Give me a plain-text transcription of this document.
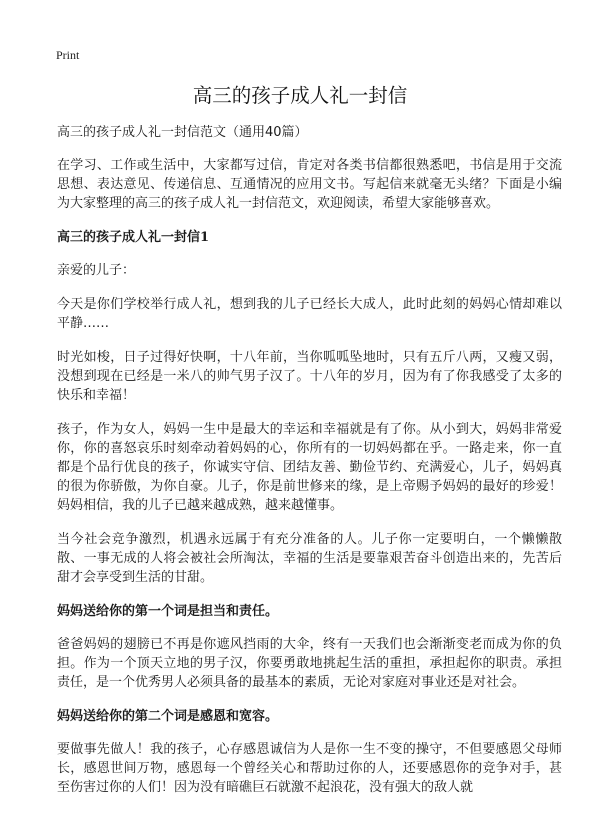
Print
高三的孩子成人礼一封信
高三的孩子成人礼一封信范文（通用40篇）

在学习、工作或生活中，大家都写过信，肯定对各类书信都很熟悉吧，书信是用于交流思想、表达意见、传递信息、互通情况的应用文书。写起信来就毫无头绪？下面是小编为大家整理的高三的孩子成人礼一封信范文，欢迎阅读，希望大家能够喜欢。

高三的孩子成人礼一封信1

亲爱的儿子：

今天是你们学校举行成人礼，想到我的儿子已经长大成人，此时此刻的妈妈心情却难以平静……

时光如梭，日子过得好快啊，十八年前，当你呱呱坠地时，只有五斤八两，又瘦又弱，没想到现在已经是一米八的帅气男子汉了。十八年的岁月，因为有了你我感受了太多的快乐和幸福！

孩子，作为女人，妈妈一生中是最大的幸运和幸福就是有了你。从小到大，妈妈非常爱你，你的喜怒哀乐时刻牵动着妈妈的心，你所有的一切妈妈都在乎。一路走来，你一直都是个品行优良的孩子，你诚实守信、团结友善、勤俭节约、充满爱心，儿子，妈妈真的很为你骄傲，为你自豪。儿子，你是前世修来的缘，是上帝赐予妈妈的最好的珍爱！妈妈相信，我的儿子已越来越成熟，越来越懂事。

当今社会竞争激烈，机遇永远属于有充分准备的人。儿子你一定要明白，一个懒懒散散、一事无成的人将会被社会所淘汰，幸福的生活是要靠艰苦奋斗创造出来的，先苦后甜才会享受到生活的甘甜。

妈妈送给你的第一个词是担当和责任。

爸爸妈妈的翅膀已不再是你遮风挡雨的大伞，终有一天我们也会渐渐变老而成为你的负担。作为一个顶天立地的男子汉，你要勇敢地挑起生活的重担，承担起你的职责。承担责任，是一个优秀男人必须具备的最基本的素质，无论对家庭对事业还是对社会。

妈妈送给你的第二个词是感恩和宽容。

要做事先做人！我的孩子，心存感恩诚信为人是你一生不变的操守，不但要感恩父母师长，感恩世间万物，感恩每一个曾经关心和帮助过你的人，还要感恩你的竞争对手，甚至伤害过你的人们！因为没有暗礁巨石就激不起浪花，没有强大的敌人就
